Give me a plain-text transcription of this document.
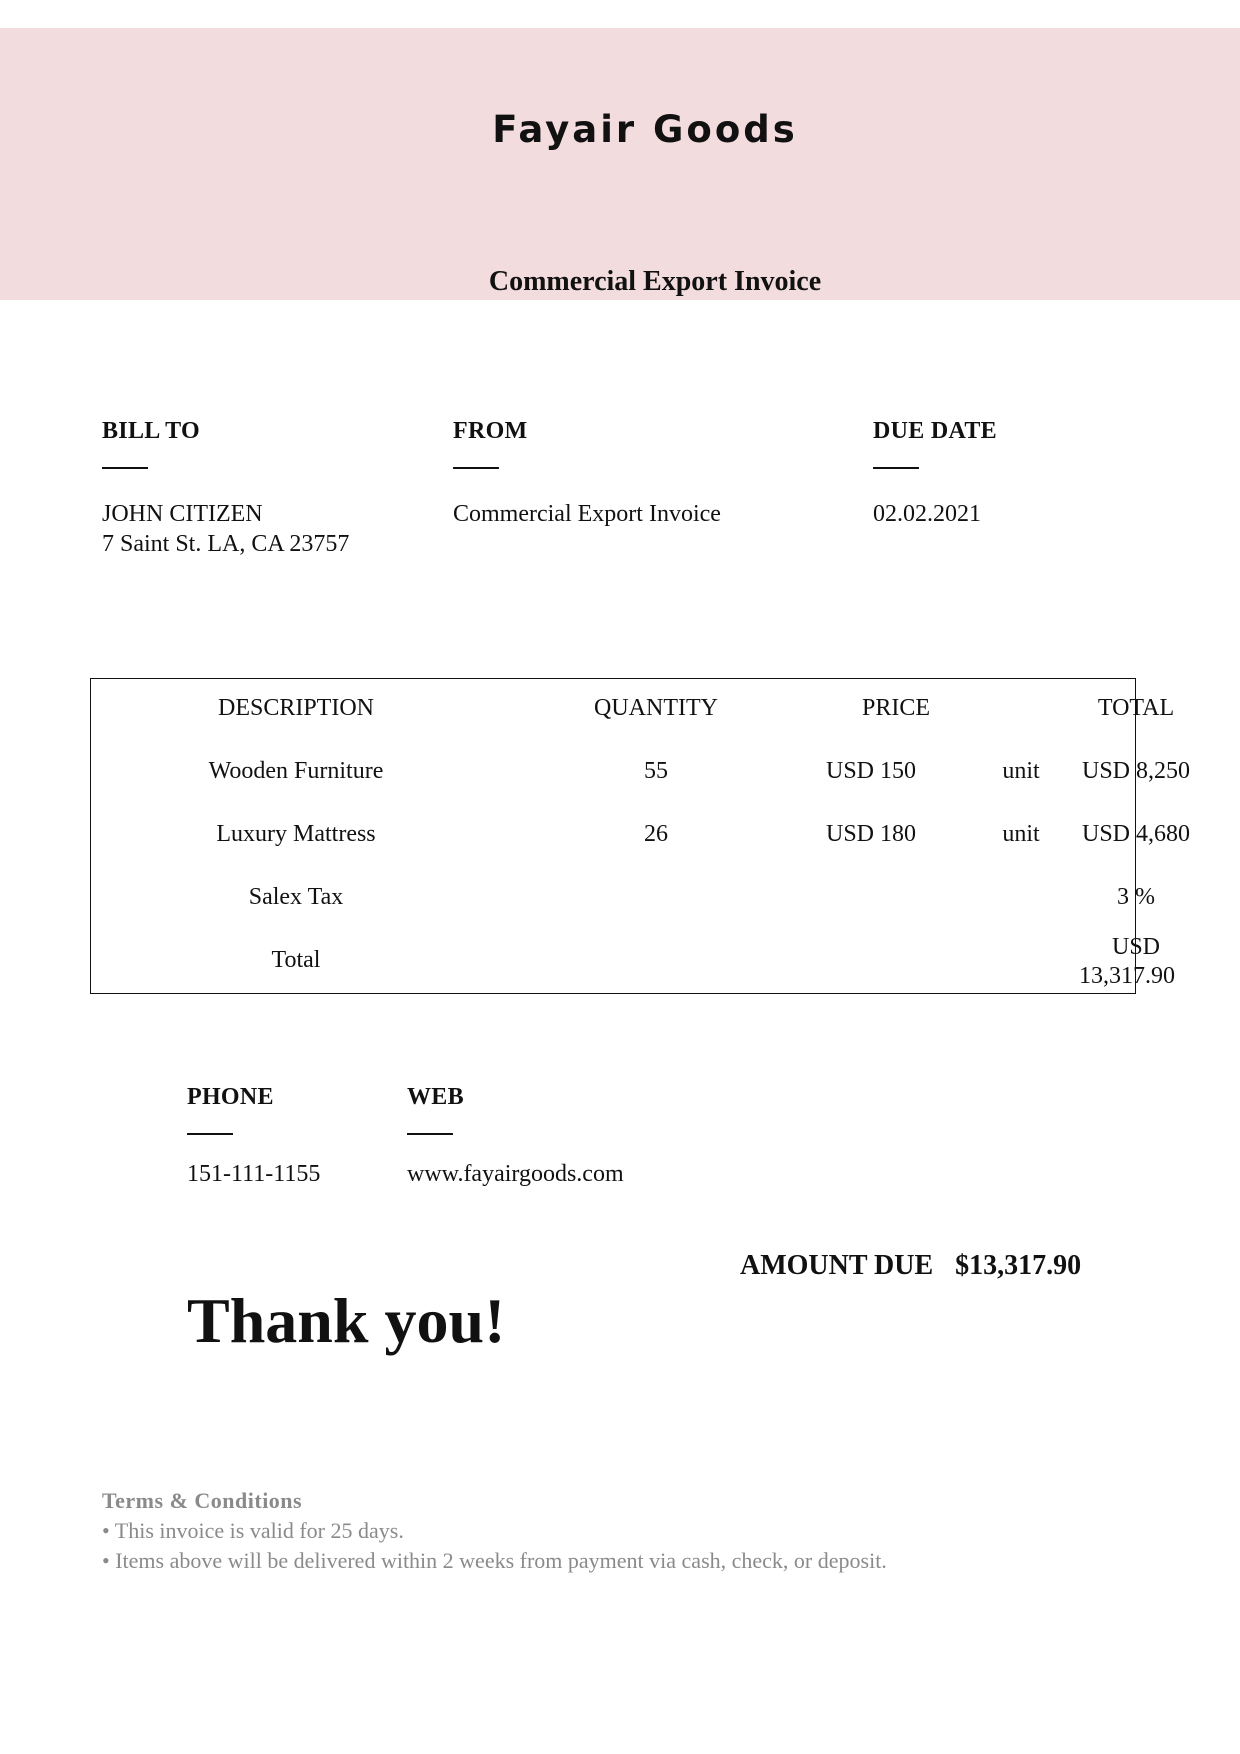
Fayair Goods
Commercial Export Invoice
BILL TO
JOHN CITIZEN
7 Saint St. LA, CA 23757
FROM
Commercial Export Invoice
DUE DATE
02.02.2021
DESCRIPTION	QUANTITY	PRICE	TOTAL
Wooden Furniture	55	USD 150	unit	USD 8,250
Luxury Mattress	26	USD 180	unit	USD 4,680
Salex Tax	3 %
Total	USD
13,317.90
PHONE
151-111-1155
WEB
www.fayairgoods.com
AMOUNT DUE $13,317.90
Thank you!
Terms & Conditions
• This invoice is valid for 25 days.
• Items above will be delivered within 2 weeks from payment via cash, check, or deposit.
